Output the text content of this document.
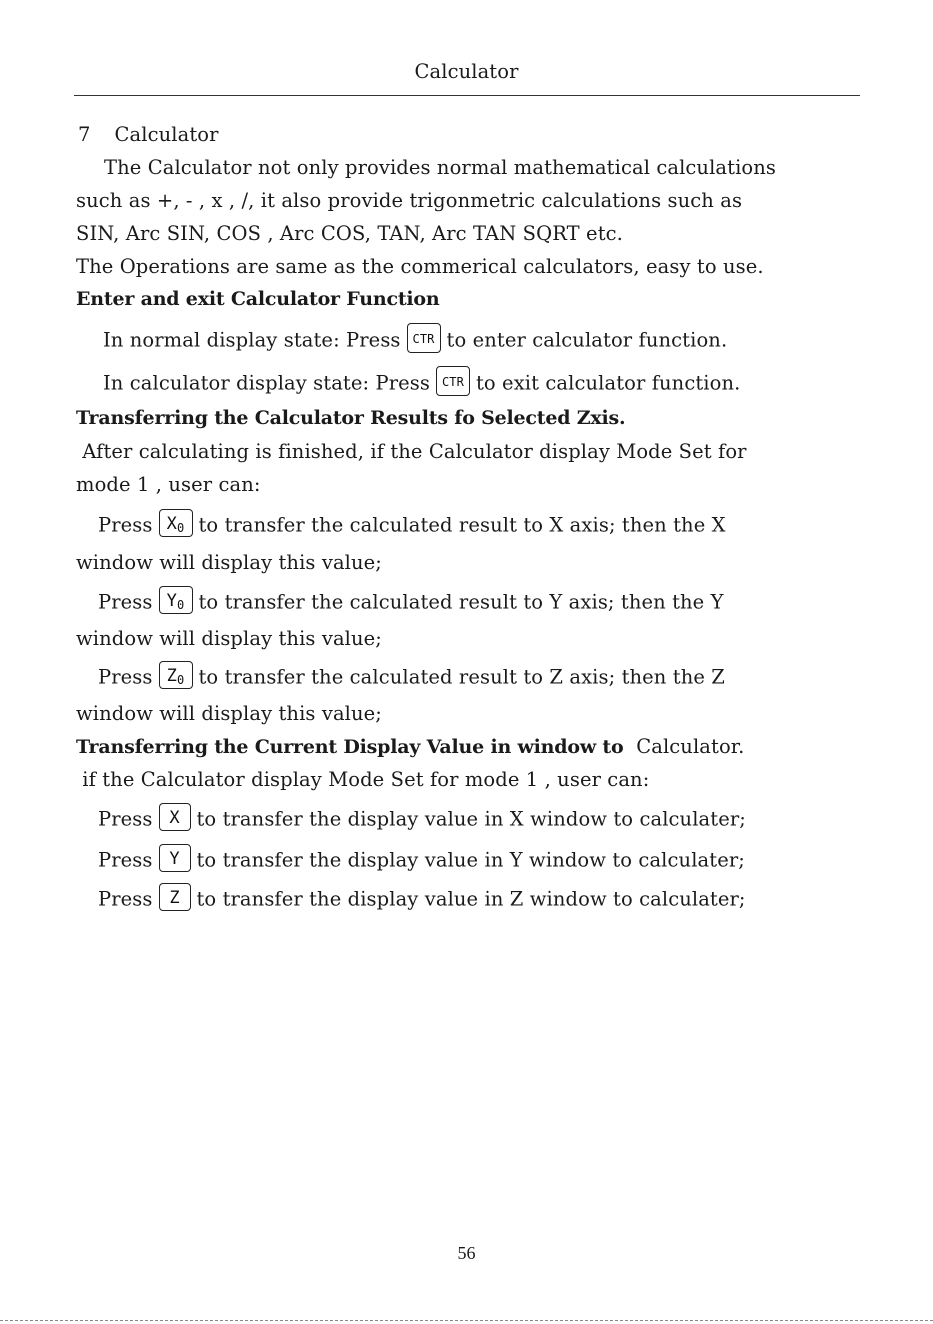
Calculator
7 Calculator
The Calculator not only provides normal mathematical calculations
such as +, - , x , /, it also provide trigonmetric calculations such as
SIN, Arc SIN, COS , Arc COS, TAN, Arc TAN SQRT etc.
The Operations are same as the commerical calculators, easy to use.
Enter and exit Calculator Function
In normal display state: Press CTR to enter calculator function.
In calculator display state: Press CTR to exit calculator function.
Transferring the Calculator Results fo Selected Zxis.
After calculating is finished, if the Calculator display Mode Set for
mode 1 , user can:
Press $X_0$ to transfer the calculated result to X axis; then the X
window will display this value;
Press $Y_0$ to transfer the calculated result to Y axis; then the Y
window will display this value;
Press $Z_0$ to transfer the calculated result to Z axis; then the Z
window will display this value;
Transferring the Current Display Value in window to  Calculator.
if the Calculator display Mode Set for mode 1 , user can:
Press X to transfer the display value in X window to calculater;
Press Y to transfer the display value in Y window to calculater;
Press Z to transfer the display value in Z window to calculater;
56
